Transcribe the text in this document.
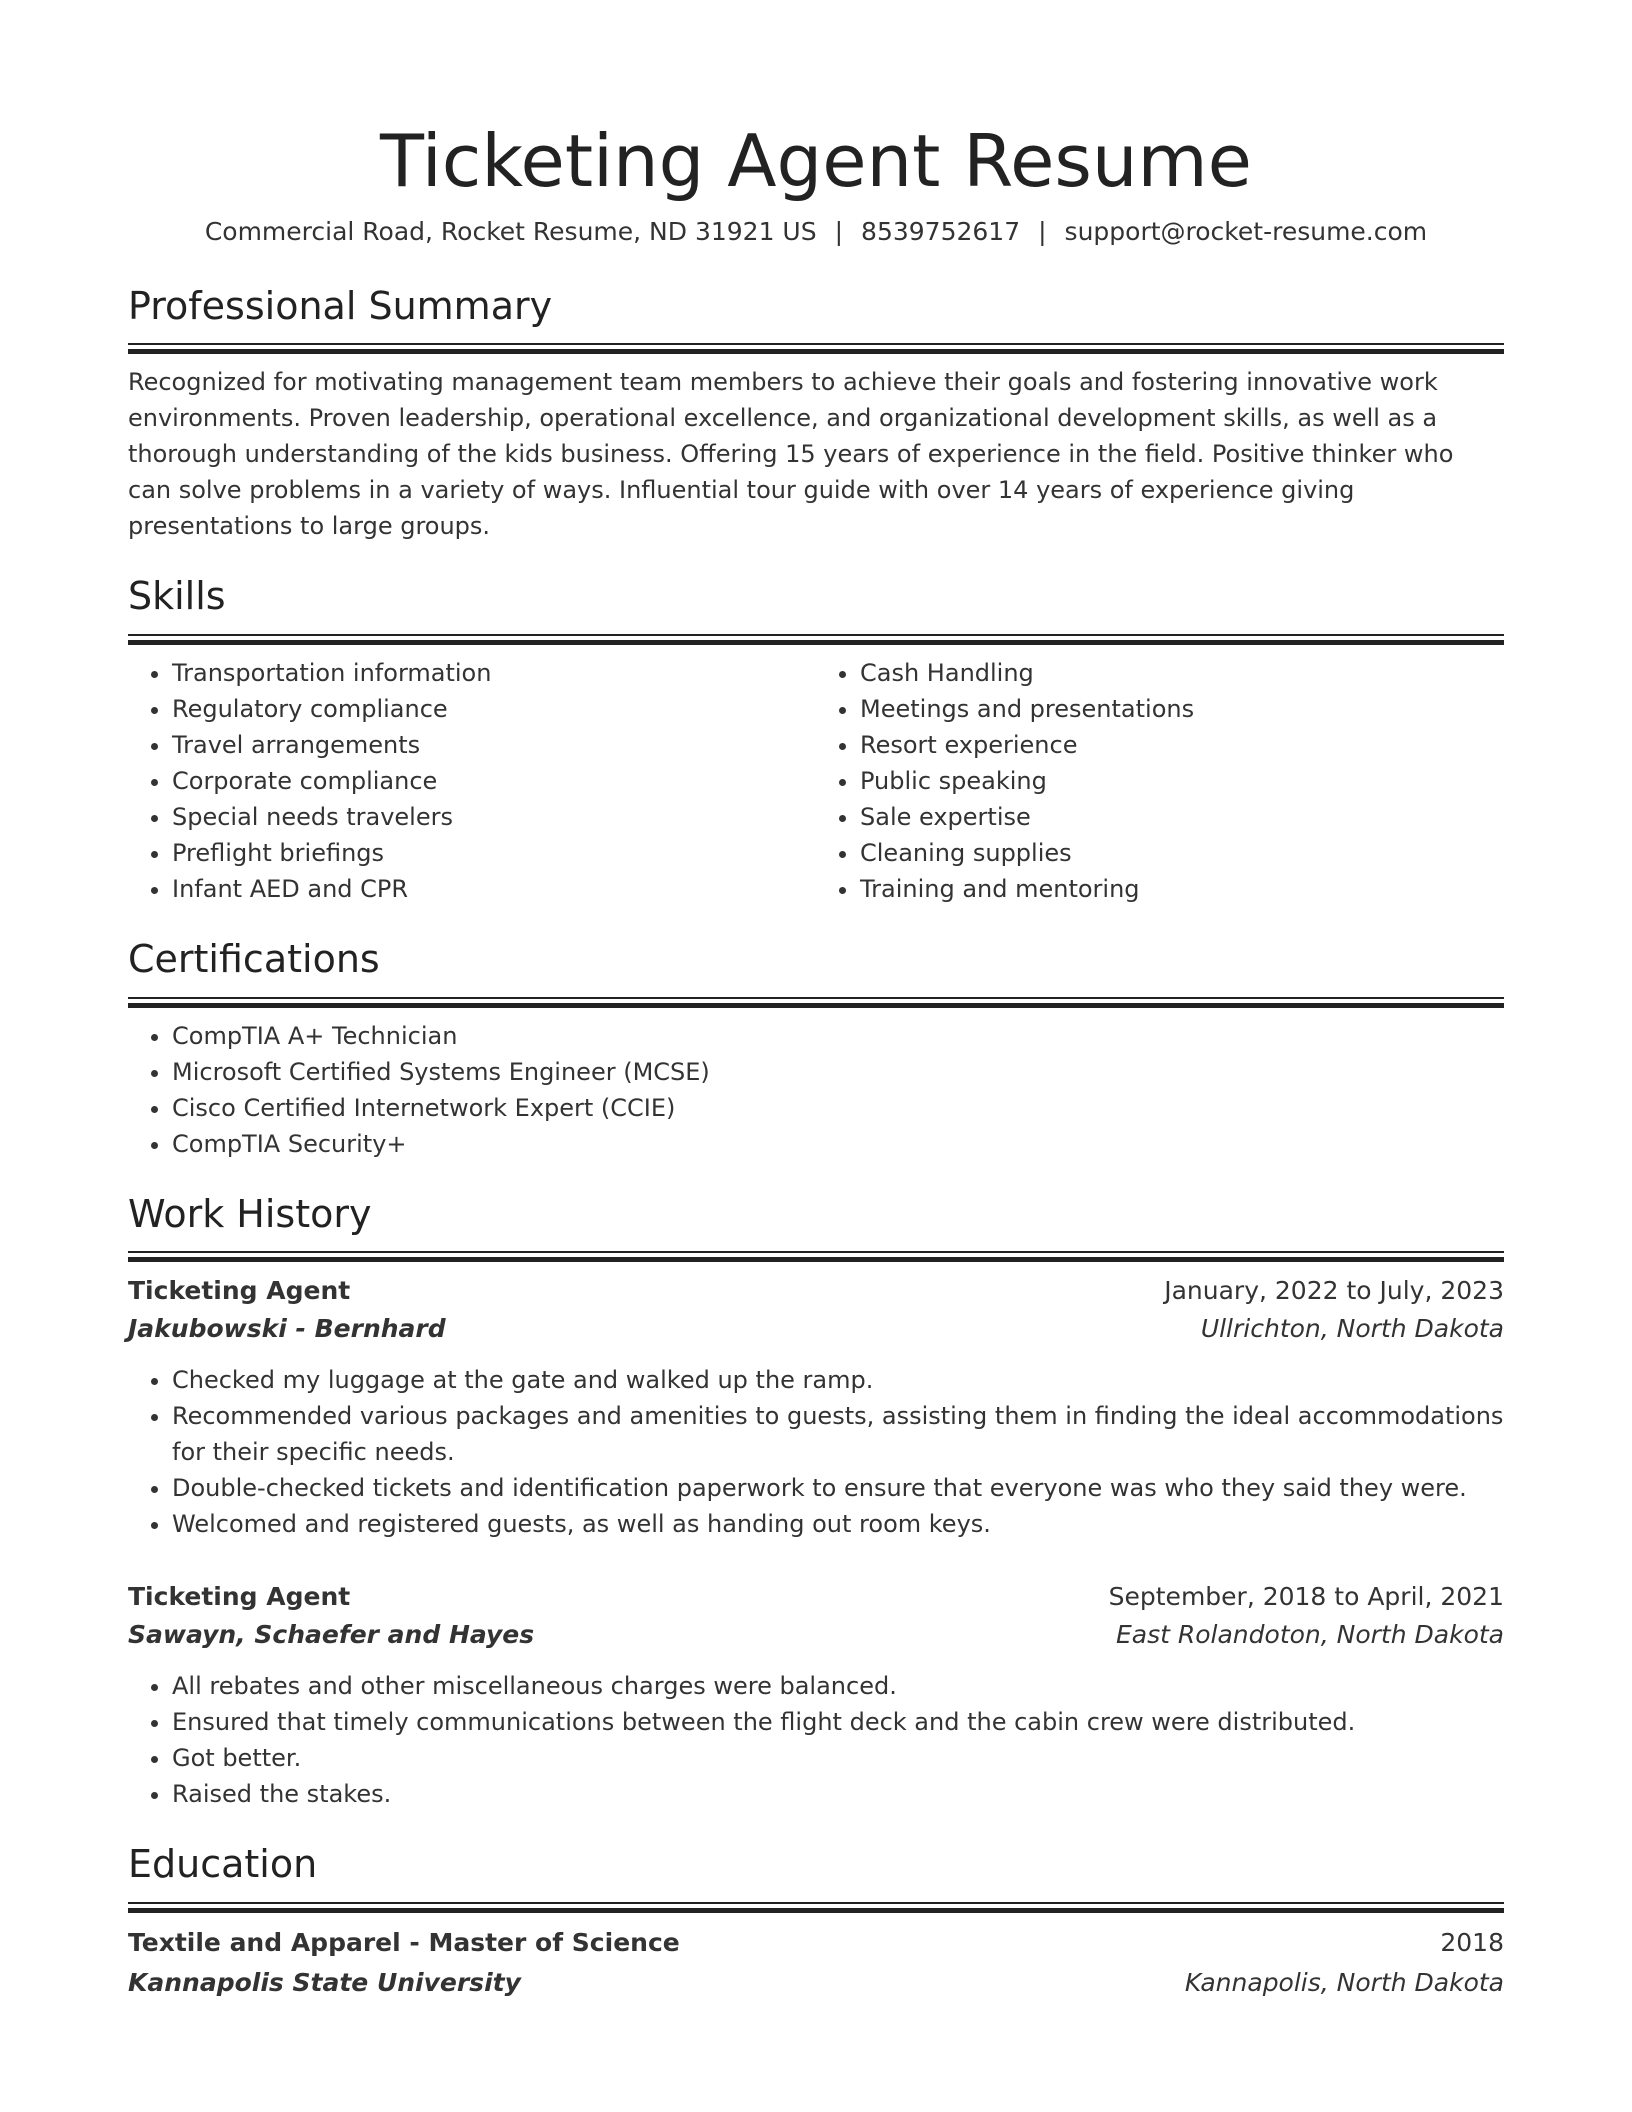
Ticketing Agent Resume
Commercial Road, Rocket Resume, ND 31921 US | 8539752617 | support@rocket-resume.com
Professional Summary

Recognized for motivating management team members to achieve their goals and fostering innovative work environments. Proven leadership, operational excellence, and organizational development skills, as well as a thorough understanding of the kids business. Offering 15 years of experience in the field. Positive thinker who can solve problems in a variety of ways. Influential tour guide with over 14 years of experience giving presentations to large groups.

Skills
• Transportation information
• Regulatory compliance
• Travel arrangements
• Corporate compliance
• Special needs travelers
• Preflight briefings
• Infant AED and CPR
• Cash Handling
• Meetings and presentations
• Resort experience
• Public speaking
• Sale expertise
• Cleaning supplies
• Training and mentoring
Certifications
• CompTIA A+ Technician
• Microsoft Certified Systems Engineer (MCSE)
• Cisco Certified Internetwork Expert (CCIE)
• CompTIA Security+
Work History
Ticketing Agent	January, 2022 to July, 2023
Jakubowski - Bernhard	Ullrichton, North Dakota
• Checked my luggage at the gate and walked up the ramp.
• Recommended various packages and amenities to guests, assisting them in finding the ideal accommodations for their specific needs.
• Double-checked tickets and identification paperwork to ensure that everyone was who they said they were.
• Welcomed and registered guests, as well as handing out room keys.
Ticketing Agent	September, 2018 to April, 2021
Sawayn, Schaefer and Hayes	East Rolandoton, North Dakota
• All rebates and other miscellaneous charges were balanced.
• Ensured that timely communications between the flight deck and the cabin crew were distributed.
• Got better.
• Raised the stakes.
Education
Textile and Apparel - Master of Science	2018
Kannapolis State University	Kannapolis, North Dakota
